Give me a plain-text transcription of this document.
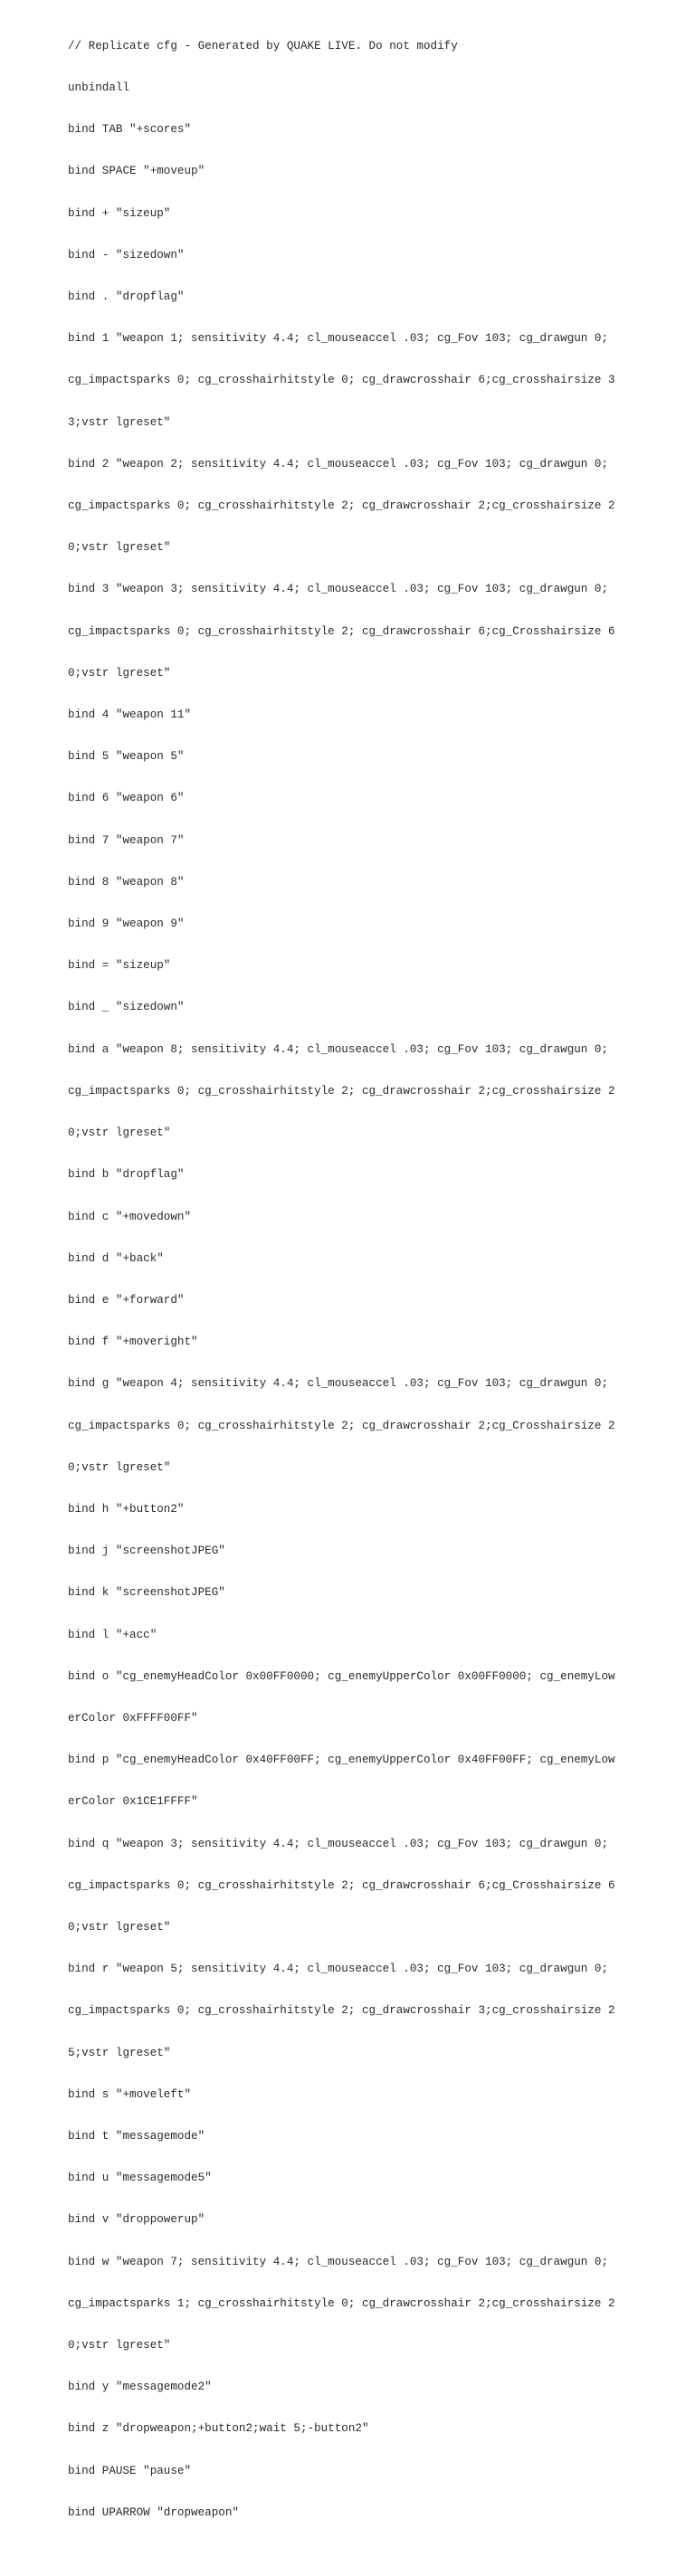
// Replicate cfg - Generated by QUAKE LIVE. Do not modify

unbindall

bind TAB "+scores"

bind SPACE "+moveup"

bind + "sizeup"

bind - "sizedown"

bind . "dropflag"

bind 1 "weapon 1; sensitivity 4.4; cl_mouseaccel .03; cg_Fov 103; cg_drawgun 0;

cg_impactsparks 0; cg_crosshairhitstyle 0; cg_drawcrosshair 6;cg_crosshairsize 3

3;vstr lgreset"

bind 2 "weapon 2; sensitivity 4.4; cl_mouseaccel .03; cg_Fov 103; cg_drawgun 0;

cg_impactsparks 0; cg_crosshairhitstyle 2; cg_drawcrosshair 2;cg_crosshairsize 2

0;vstr lgreset"

bind 3 "weapon 3; sensitivity 4.4; cl_mouseaccel .03; cg_Fov 103; cg_drawgun 0;

cg_impactsparks 0; cg_crosshairhitstyle 2; cg_drawcrosshair 6;cg_Crosshairsize 6

0;vstr lgreset"

bind 4 "weapon 11"

bind 5 "weapon 5"

bind 6 "weapon 6"

bind 7 "weapon 7"

bind 8 "weapon 8"

bind 9 "weapon 9"

bind = "sizeup"

bind _ "sizedown"

bind a "weapon 8; sensitivity 4.4; cl_mouseaccel .03; cg_Fov 103; cg_drawgun 0;

cg_impactsparks 0; cg_crosshairhitstyle 2; cg_drawcrosshair 2;cg_crosshairsize 2

0;vstr lgreset"

bind b "dropflag"

bind c "+movedown"

bind d "+back"

bind e "+forward"

bind f "+moveright"

bind g "weapon 4; sensitivity 4.4; cl_mouseaccel .03; cg_Fov 103; cg_drawgun 0;

cg_impactsparks 0; cg_crosshairhitstyle 2; cg_drawcrosshair 2;cg_Crosshairsize 2

0;vstr lgreset"

bind h "+button2"

bind j "screenshotJPEG"

bind k "screenshotJPEG"

bind l "+acc"

bind o "cg_enemyHeadColor 0x00FF0000; cg_enemyUpperColor 0x00FF0000; cg_enemyLow

erColor 0xFFFF00FF"

bind p "cg_enemyHeadColor 0x40FF00FF; cg_enemyUpperColor 0x40FF00FF; cg_enemyLow

erColor 0x1CE1FFFF"

bind q "weapon 3; sensitivity 4.4; cl_mouseaccel .03; cg_Fov 103; cg_drawgun 0;

cg_impactsparks 0; cg_crosshairhitstyle 2; cg_drawcrosshair 6;cg_Crosshairsize 6

0;vstr lgreset"

bind r "weapon 5; sensitivity 4.4; cl_mouseaccel .03; cg_Fov 103; cg_drawgun 0;

cg_impactsparks 0; cg_crosshairhitstyle 2; cg_drawcrosshair 3;cg_crosshairsize 2

5;vstr lgreset"

bind s "+moveleft"

bind t "messagemode"

bind u "messagemode5"

bind v "droppowerup"

bind w "weapon 7; sensitivity 4.4; cl_mouseaccel .03; cg_Fov 103; cg_drawgun 0;

cg_impactsparks 1; cg_crosshairhitstyle 0; cg_drawcrosshair 2;cg_crosshairsize 2

0;vstr lgreset"

bind y "messagemode2"

bind z "dropweapon;+button2;wait 5;-button2"

bind PAUSE "pause"

bind UPARROW "dropweapon"
